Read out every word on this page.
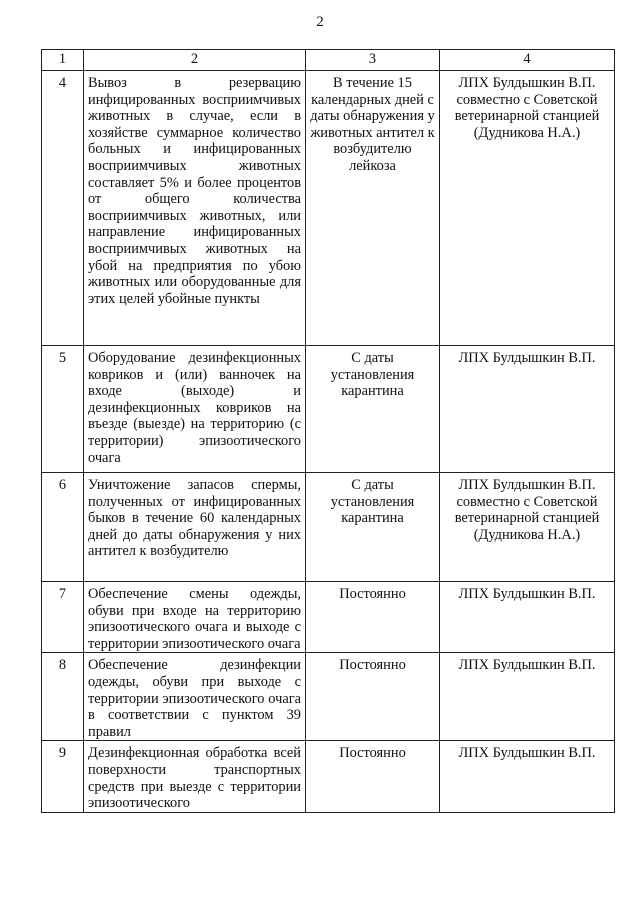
2
1	2	3	4
4	Вывоз в резервацию инфицированных восприимчивых животных в случае, если в хозяйстве суммарное количество больных и инфицированных восприимчивых животных составляет 5% и более процентов от общего количества восприимчивых животных, или направление инфицированных восприимчивых животных на убой на предприятия по убою животных или оборудованные для этих целей убойные пункты	В течение 15 календарных дней с даты обнаружения у животных антител к возбудителю лейкоза	ЛПХ Булдышкин В.П. совместно с Советской ветеринарной станцией (Дудникова Н.А.)
5	Оборудование дезинфекционных ковриков и (или) ванночек на входе (выходе) и дезинфекционных ковриков на въезде (выезде) на территорию (с территории) эпизоотического очага	С даты установления карантина	ЛПХ Булдышкин В.П.
6	Уничтожение запасов спермы, полученных от инфицированных быков в течение 60 календарных дней до даты обнаружения у них антител к возбудителю	С даты установления карантина	ЛПХ Булдышкин В.П. совместно с Советской ветеринарной станцией (Дудникова Н.А.)
7	Обеспечение смены одежды, обуви при входе на территорию эпизоотического очага и выходе с территории эпизоотического очага	Постоянно	ЛПХ Булдышкин В.П.
8	Обеспечение дезинфекции одежды, обуви при выходе с территории эпизоотического очага в соответствии с пунктом 39 правил	Постоянно	ЛПХ Булдышкин В.П.
9	Дезинфекционная обработка всей поверхности транспортных средств при выезде с территории эпизоотического	Постоянно	ЛПХ Булдышкин В.П.
